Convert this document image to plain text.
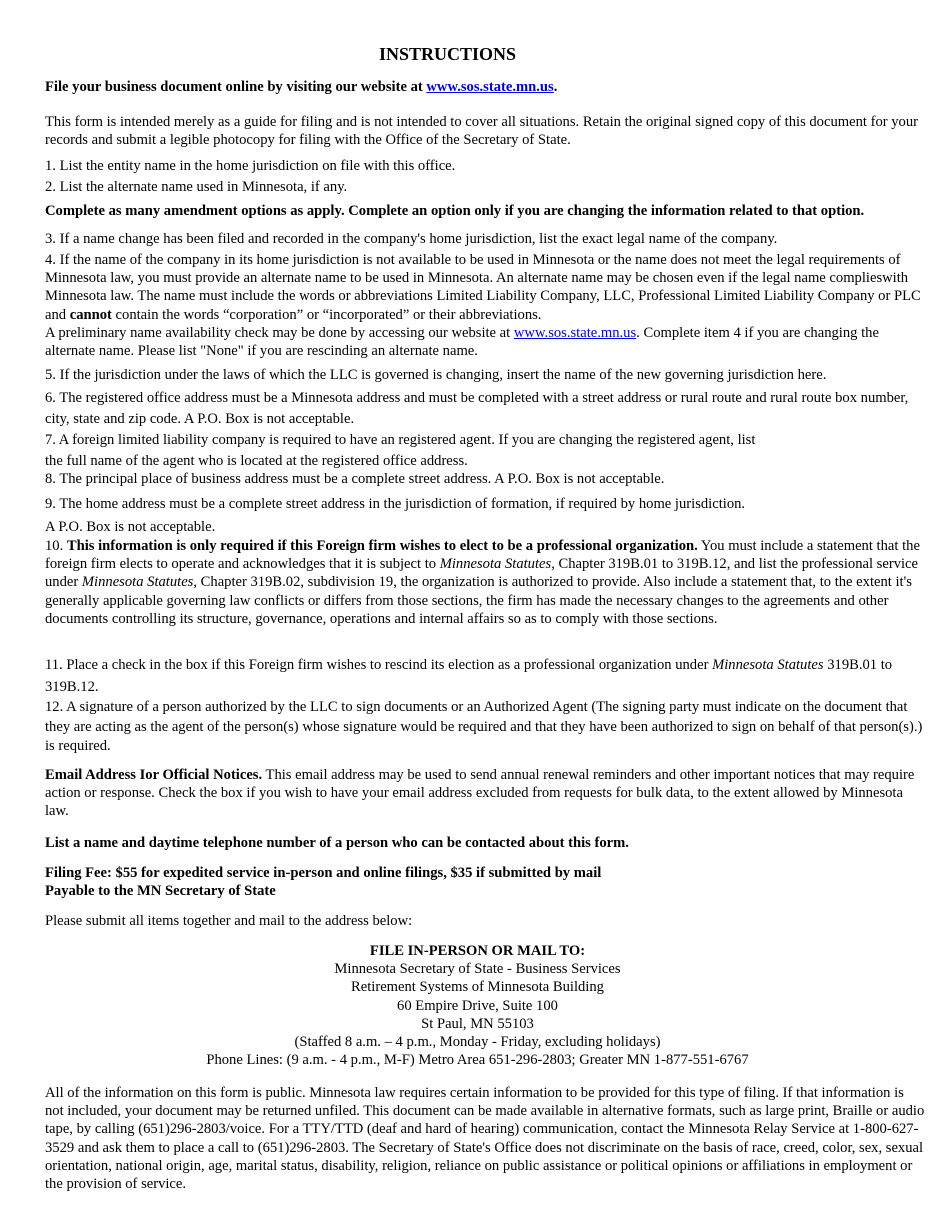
INSTRUCTIONS
File your business document online by visiting our website at www.sos.state.mn.us.
This form is intended merely as a guide for filing and is not intended to cover all situations. Retain the original signed copy of this document for your records and submit a legible photocopy for filing with the Office of the Secretary of State.
1. List the entity name in the home jurisdiction on file with this office.
2. List the alternate name used in Minnesota, if any.
Complete as many amendment options as apply. Complete an option only if you are changing the information related to that option.
3. If a name change has been filed and recorded in the company's home jurisdiction, list the exact legal name of the company.
4. If the name of the company in its home jurisdiction is not available to be used in Minnesota or the name does not meet the legal requirements of Minnesota law, you must provide an alternate name to be used in Minnesota. An alternate name may be chosen even if the legal name complieswith Minnesota law. The name must include the words or abbreviations Limited Liability Company, LLC, Professional Limited Liability Company or PLC and cannot contain the words “corporation” or “incorporated” or their abbreviations.
A preliminary name availability check may be done by accessing our website at www.sos.state.mn.us. Complete item 4 if you are changing the alternate name. Please list "None" if you are rescinding an alternate name.
5. If the jurisdiction under the laws of which the LLC is governed is changing, insert the name of the new governing jurisdiction here.
6. The registered office address must be a Minnesota address and must be completed with a street address or rural route and rural route box number, city, state and zip code. A P.O. Box is not acceptable.
7. A foreign limited liability company is required to have an registered agent. If you are changing the registered agent, list
the full name of the agent who is located at the registered office address.
8. The principal place of business address must be a complete street address. A P.O. Box is not acceptable.
9. The home address must be a complete street address in the jurisdiction of formation, if required by home jurisdiction.
A P.O. Box is not acceptable.
10. This information is only required if this Foreign firm wishes to elect to be a professional organization. You must include a statement that the foreign firm elects to operate and acknowledges that it is subject to Minnesota Statutes, Chapter 319B.01 to 319B.12, and list the professional service under Minnesota Statutes, Chapter 319B.02, subdivision 19, the organization is authorized to provide. Also include a statement that, to the extent it's generally applicable governing law conflicts or differs from those sections, the firm has made the necessary changes to the agreements and other documents controlling its structure, governance, operations and internal affairs so as to comply with those sections.
11. Place a check in the box if this Foreign firm wishes to rescind its election as a professional organization under Minnesota Statutes 319B.01 to 319B.12.
12. A signature of a person authorized by the LLC to sign documents or an Authorized Agent (The signing party must indicate on the document that they are acting as the agent of the person(s) whose signature would be required and that they have been authorized to sign on behalf of that person(s).) is required.
Email Address Ior Official Notices. This email address may be used to send annual renewal reminders and other important notices that may require action or response. Check the box if you wish to have your email address excluded from requests for bulk data, to the extent allowed by Minnesota law.
List a name and daytime telephone number of a person who can be contacted about this form.
Filing Fee: $55 for expedited service in-person and online filings, $35 if submitted by mail
Payable to the MN Secretary of State
Please submit all items together and mail to the address below:
FILE IN-PERSON OR MAIL TO:
Minnesota Secretary of State - Business Services
Retirement Systems of Minnesota Building
60 Empire Drive, Suite 100
St Paul, MN 55103
(Staffed 8 a.m. – 4 p.m., Monday - Friday, excluding holidays)
Phone Lines: (9 a.m. - 4 p.m., M-F) Metro Area 651-296-2803; Greater MN 1-877-551-6767
All of the information on this form is public. Minnesota law requires certain information to be provided for this type of filing. If that information is not included, your document may be returned unfiled. This document can be made available in alternative formats, such as large print, Braille or audio tape, by calling (651)296-2803/voice. For a TTY/TTD (deaf and hard of hearing) communication, contact the Minnesota Relay Service at 1-800-627-3529 and ask them to place a call to (651)296-2803. The Secretary of State's Office does not discriminate on the basis of race, creed, color, sex, sexual orientation, national origin, age, marital status, disability, religion, reliance on public assistance or political opinions or affiliations in employment or the provision of service.
